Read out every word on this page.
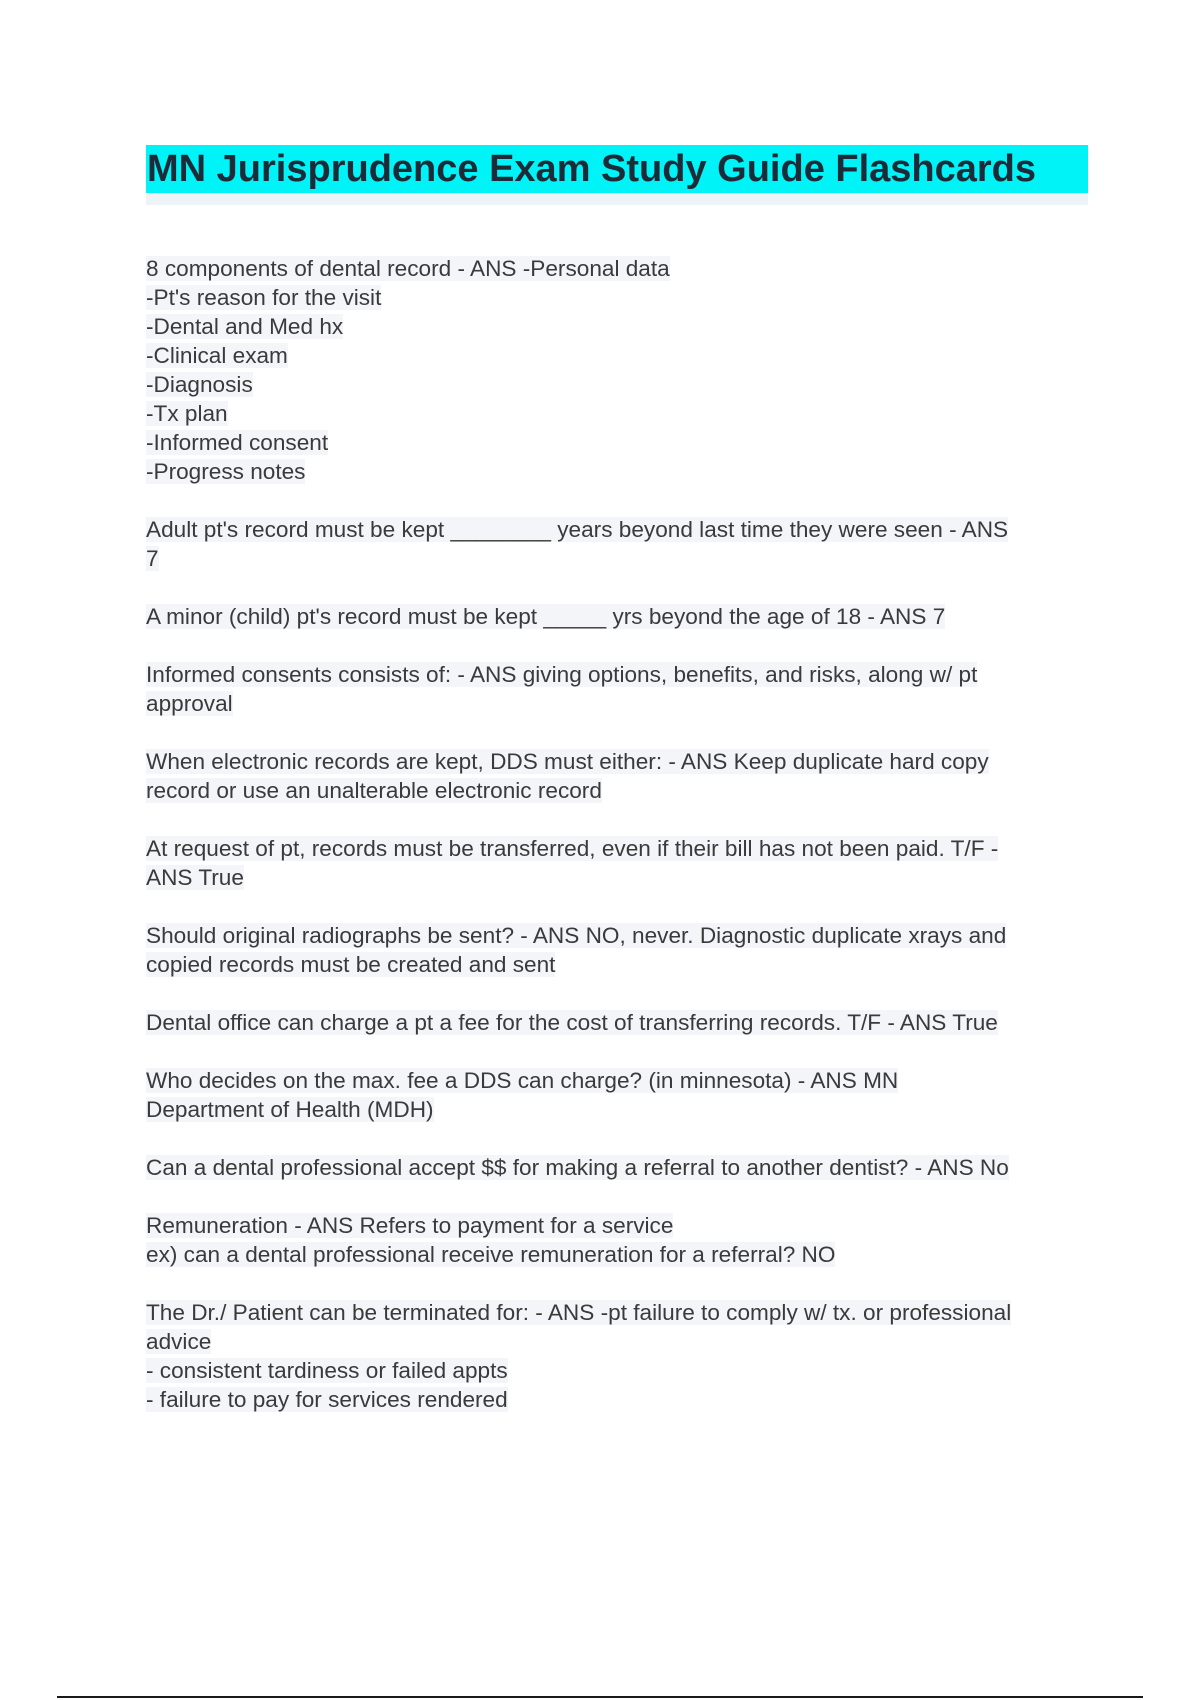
MN Jurisprudence Exam Study Guide Flashcards
8 components of dental record - ANS -Personal data
-Pt's reason for the visit
-Dental and Med hx
-Clinical exam
-Diagnosis
-Tx plan
-Informed consent
-Progress notes
Adult pt's record must be kept ________ years beyond last time they were seen - ANS
7
A minor (child) pt's record must be kept _____ yrs beyond the age of 18 - ANS 7
Informed consents consists of: - ANS giving options, benefits, and risks, along w/ pt
approval
When electronic records are kept, DDS must either: - ANS Keep duplicate hard copy
record or use an unalterable electronic record
At request of pt, records must be transferred, even if their bill has not been paid. T/F -
ANS True
Should original radiographs be sent? - ANS NO, never. Diagnostic duplicate xrays and
copied records must be created and sent
Dental office can charge a pt a fee for the cost of transferring records. T/F - ANS True
Who decides on the max. fee a DDS can charge? (in minnesota) - ANS MN
Department of Health (MDH)
Can a dental professional accept $$ for making a referral to another dentist? - ANS No
Remuneration - ANS Refers to payment for a service
ex) can a dental professional receive remuneration for a referral? NO
The Dr./ Patient can be terminated for: - ANS -pt failure to comply w/ tx. or professional
advice
- consistent tardiness or failed appts
- failure to pay for services rendered
